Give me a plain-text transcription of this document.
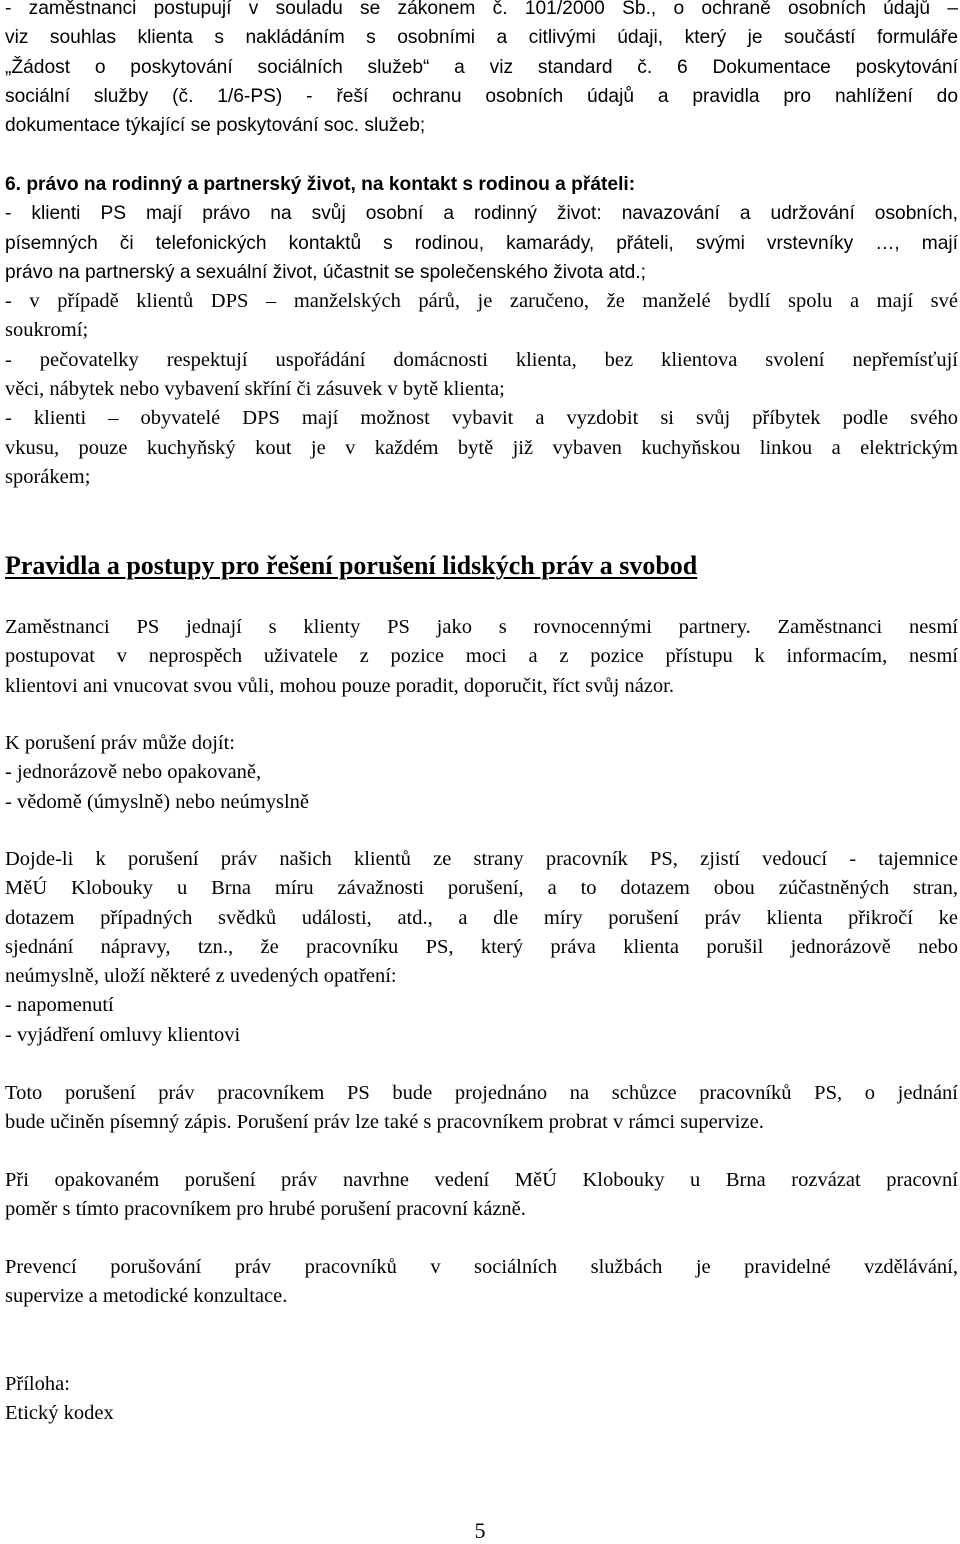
- zaměstnanci postupují v souladu se zákonem č. 101/2000 Sb., o ochraně osobních údajů –
viz souhlas klienta s nakládáním s osobními a citlivými údaji, který je součástí formuláře
„Žádost o poskytování sociálních služeb“ a viz standard č. 6 Dokumentace poskytování
sociální služby (č. 1/6-PS) - řeší ochranu osobních údajů a pravidla pro nahlížení do
dokumentace týkající se poskytování soc. služeb;
6. právo na rodinný a partnerský život, na kontakt s rodinou a přáteli:
- klienti PS mají právo na svůj osobní a rodinný život: navazování a udržování osobních,
písemných či telefonických kontaktů s rodinou, kamarády, přáteli, svými vrstevníky …, mají
právo na partnerský a sexuální život, účastnit se společenského života atd.;
- v případě klientů DPS – manželských párů, je zaručeno, že manželé bydlí spolu a mají své
soukromí;
- pečovatelky respektují uspořádání domácnosti klienta, bez klientova svolení nepřemísťují
věci, nábytek nebo vybavení skříní či zásuvek v bytě klienta;
- klienti – obyvatelé DPS mají možnost vybavit a vyzdobit si svůj příbytek podle svého
vkusu, pouze kuchyňský kout je v každém bytě již vybaven kuchyňskou linkou a elektrickým
sporákem;
Pravidla a postupy pro řešení porušení lidských práv a svobod
Zaměstnanci PS jednají s klienty PS jako s rovnocennými partnery. Zaměstnanci nesmí
postupovat v neprospěch uživatele z pozice moci a z pozice přístupu k informacím, nesmí
klientovi ani vnucovat svou vůli, mohou pouze poradit, doporučit, říct svůj názor.
K porušení práv může dojít:
- jednorázově nebo opakovaně,
- vědomě (úmyslně) nebo neúmyslně
Dojde-li k porušení práv našich klientů ze strany pracovník PS, zjistí vedoucí - tajemnice
MěÚ Klobouky u Brna míru závažnosti porušení, a to dotazem obou zúčastněných stran,
dotazem případných svědků události, atd., a dle míry porušení práv klienta přikročí ke
sjednání nápravy, tzn., že pracovníku PS, který práva klienta porušil jednorázově nebo
neúmyslně, uloží některé z uvedených opatření:
- napomenutí
- vyjádření omluvy klientovi
Toto porušení práv pracovníkem PS bude projednáno na schůzce pracovníků PS, o jednání
bude učiněn písemný zápis. Porušení práv lze také s pracovníkem probrat v rámci supervize.
Při opakovaném porušení práv navrhne vedení MěÚ Klobouky u Brna rozvázat pracovní
poměr s tímto pracovníkem pro hrubé porušení pracovní kázně.
Prevencí porušování práv pracovníků v sociálních službách je pravidelné vzdělávání,
supervize a metodické konzultace.
Příloha:
Etický kodex
5
